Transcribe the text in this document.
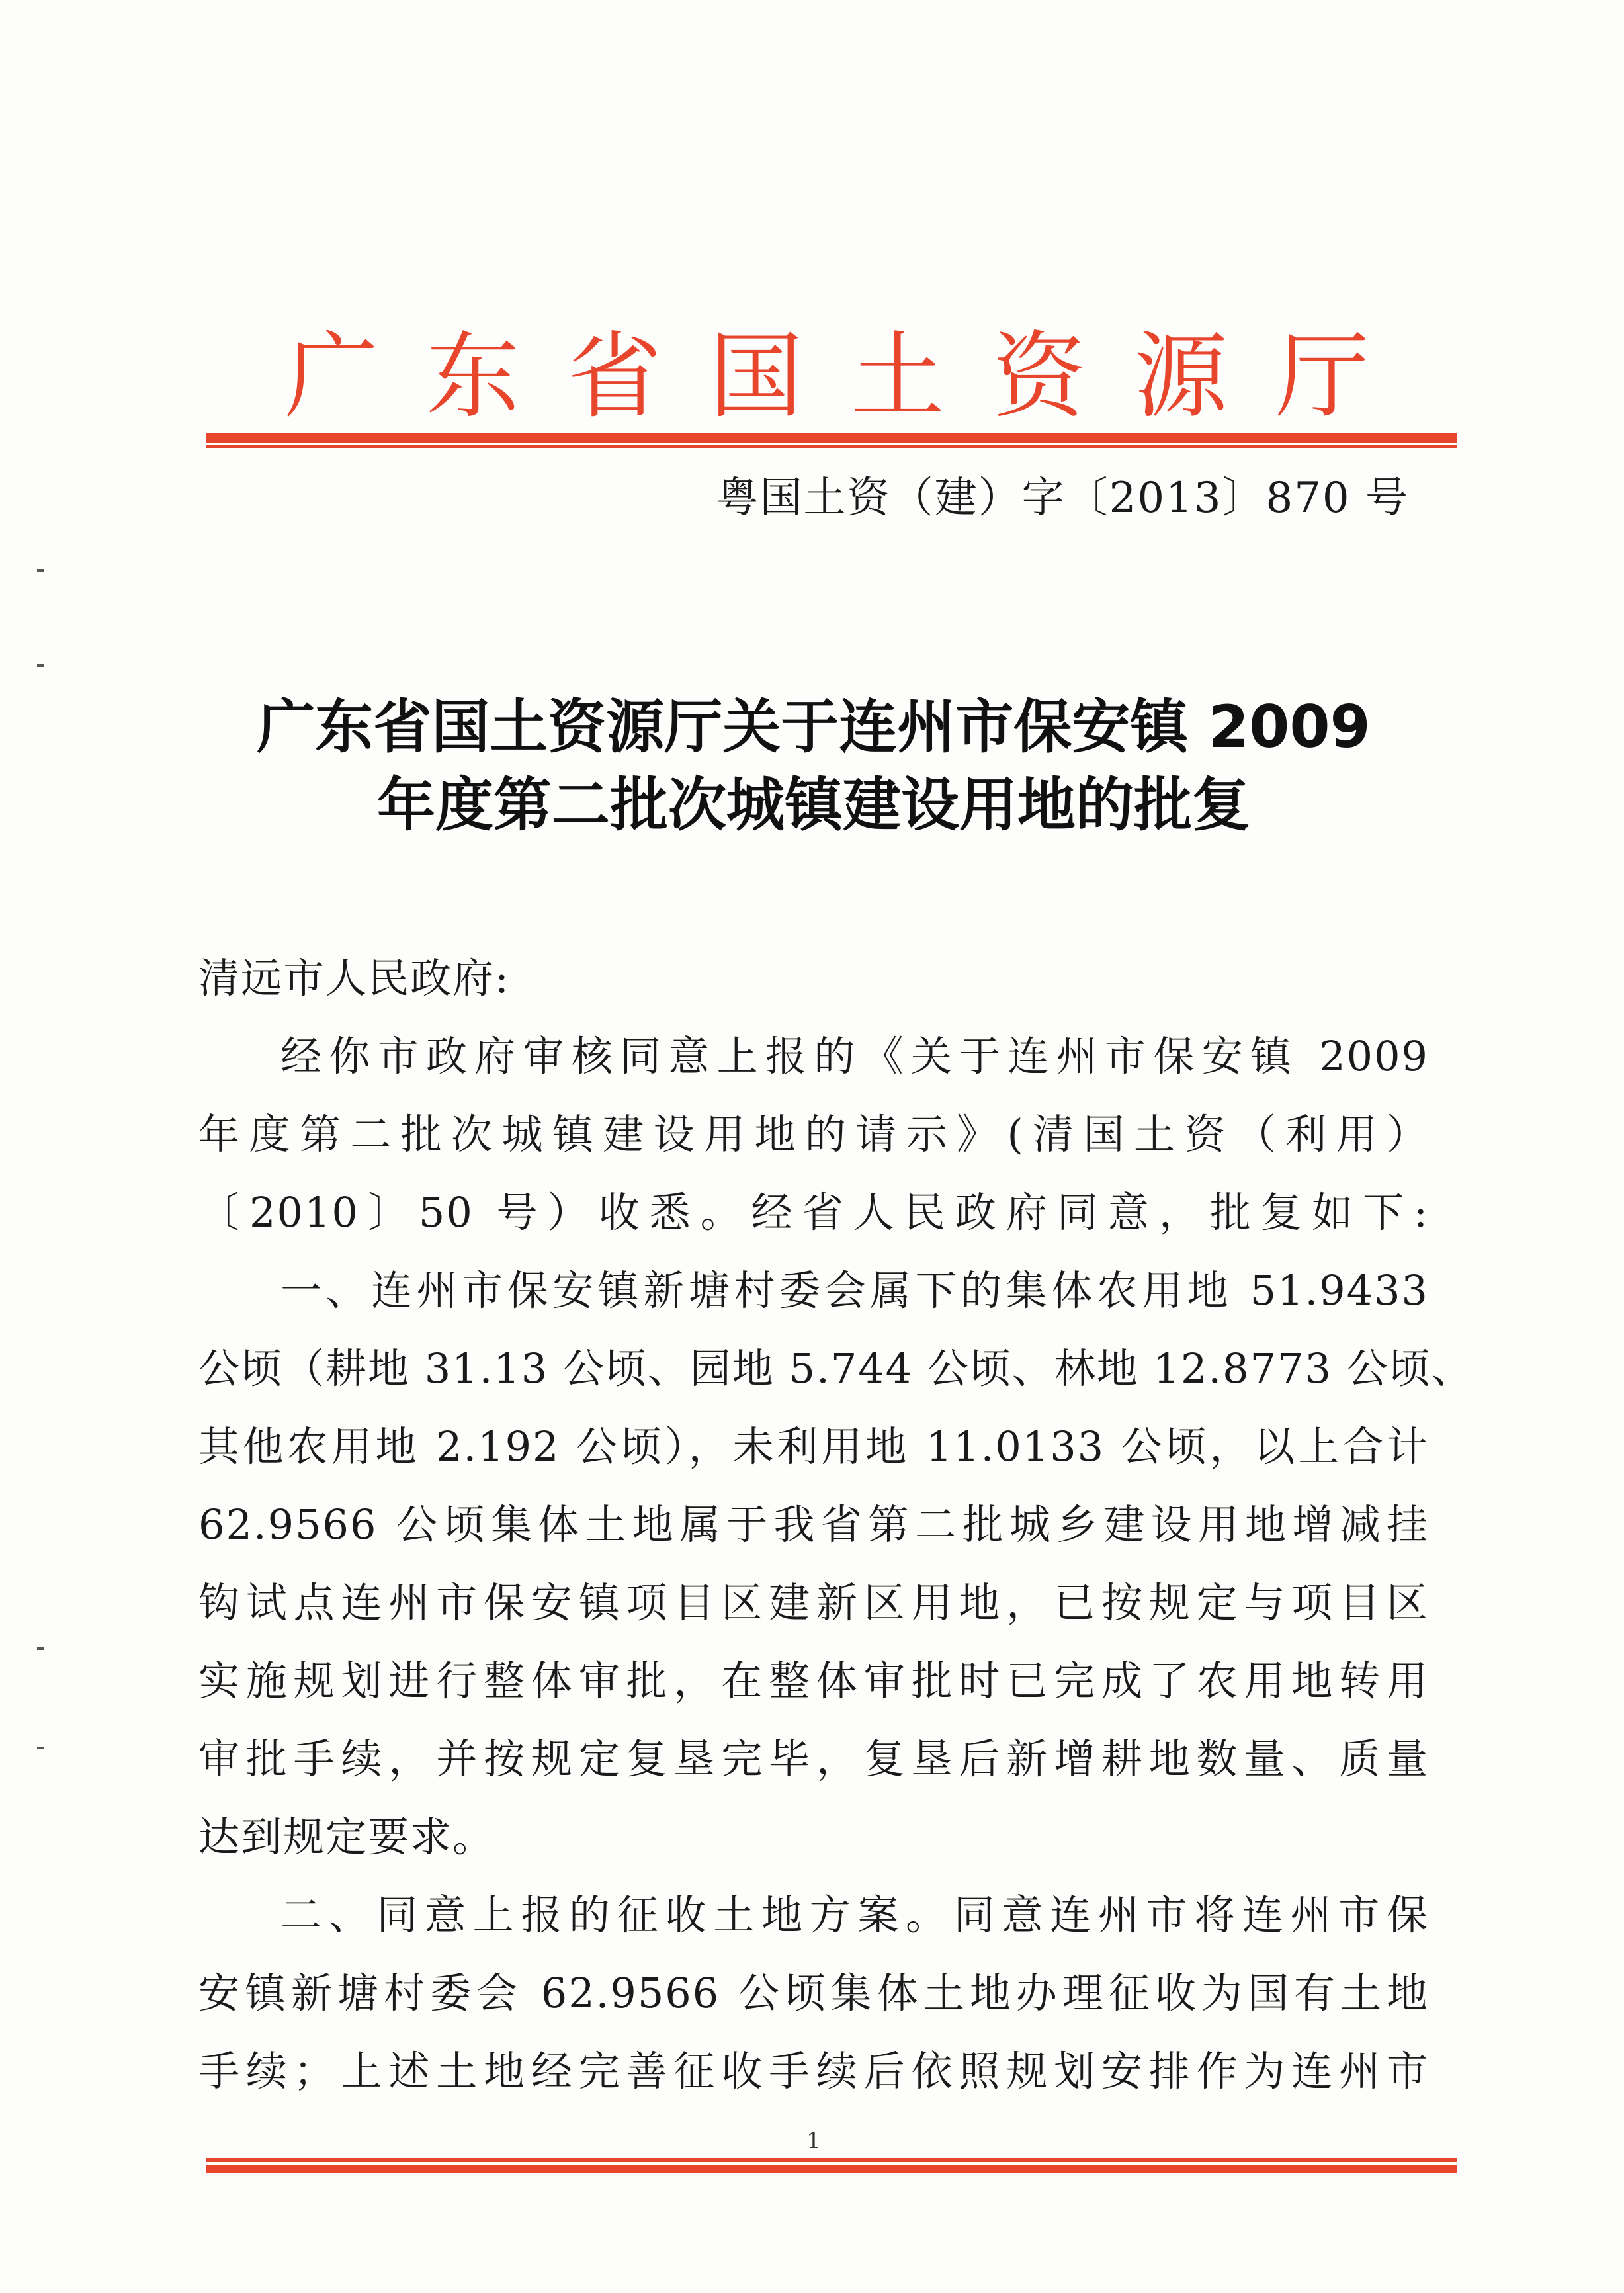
广 东 省 国 土 资 源 厅
粤国土资（建）字〔2013〕870 号
广东省国土资源厅关于连州市保安镇 2009
年度第二批次城镇建设用地的批复
清远市人民政府:
经你市政府审核同意上报的《关于连州市保安镇 2009
年度第二批次城镇建设用地的请示》(清国土资（利用）
〔2010〕50 号）收悉。经省人民政府同意，批复如下:
一、连州市保安镇新塘村委会属下的集体农用地 51.9433
公顷（耕地 31.13 公顷、园地 5.744 公顷、林地 12.8773 公顷、
其他农用地 2.192 公顷），未利用地 11.0133 公顷，以上合计
62.9566 公顷集体土地属于我省第二批城乡建设用地增减挂
钩试点连州市保安镇项目区建新区用地，已按规定与项目区
实施规划进行整体审批，在整体审批时已完成了农用地转用
审批手续，并按规定复垦完毕，复垦后新增耕地数量、质量
达到规定要求。
二、同意上报的征收土地方案。同意连州市将连州市保
安镇新塘村委会 62.9566 公顷集体土地办理征收为国有土地
手续；上述土地经完善征收手续后依照规划安排作为连州市
1
